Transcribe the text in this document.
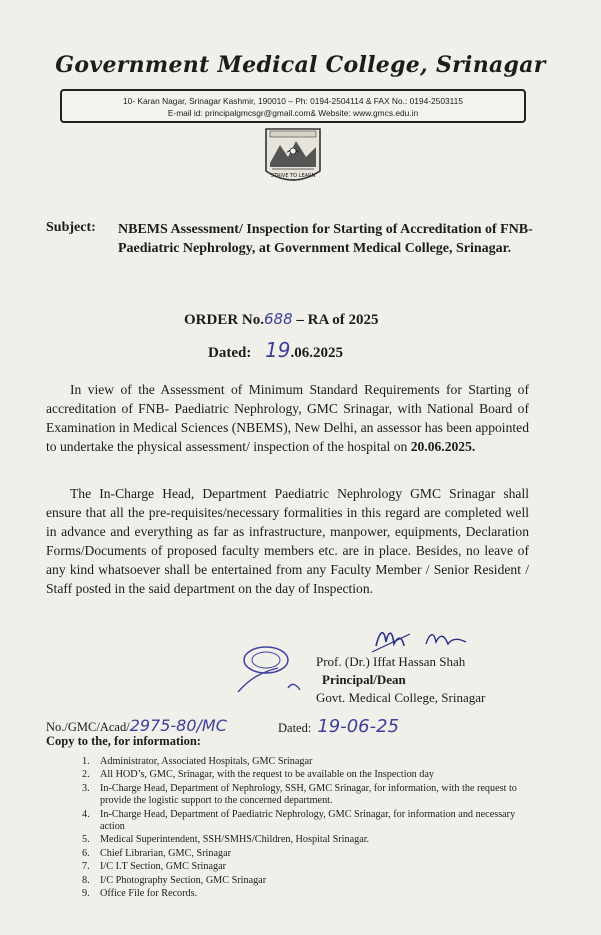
Government Medical College, Srinagar
10- Karan Nagar, Srinagar Kashmir, 190010 – Ph: 0194-2504114 & FAX No.: 0194-2503115
E-mail id: principalgmcsgr@gmail.com& Website: www.gmcs.edu.in
STRIVE TO LEARN
Subject: NBEMS Assessment/ Inspection for Starting of Accreditation of FNB- Paediatric Nephrology, at Government Medical College, Srinagar.
ORDER No.688 – RA of 2025
Dated: 19.06.2025
In view of the Assessment of Minimum Standard Requirements for Starting of accreditation of FNB- Paediatric Nephrology, GMC Srinagar, with National Board of Examination in Medical Sciences (NBEMS), New Delhi, an assessor has been appointed to undertake the physical assessment/ inspection of the hospital on 20.06.2025.
The In-Charge Head, Department Paediatric Nephrology GMC Srinagar shall ensure that all the pre-requisites/necessary formalities in this regard are completed well in advance and everything as far as infrastructure, manpower, equipments, Declaration Forms/Documents of proposed faculty members etc. are in place. Besides, no leave of any kind whatsoever shall be entertained from any Faculty Member / Senior Resident / Staff posted in the said department on the day of Inspection.
Prof. (Dr.) Iffat Hassan Shah
Principal/Dean
Govt. Medical College, Srinagar
No./GMC/Acad/2975-80/MC	Dated: 19-06-25
Copy to the, for information:
1. Administrator, Associated Hospitals, GMC Srinagar
2. All HOD’s, GMC, Srinagar, with the request to be available on the Inspection day
3. In-Charge Head, Department of Nephrology, SSH, GMC Srinagar, for information, with the request to provide the logistic support to the concerned department.
4. In-Charge Head, Department of Paediatric Nephrology, GMC Srinagar, for information and necessary action
5. Medical Superintendent, SSH/SMHS/Children, Hospital Srinagar.
6. Chief Librarian, GMC, Srinagar
7. I/C I.T Section, GMC Srinagar
8. I/C Photography Section, GMC Srinagar
9. Office File for Records.
